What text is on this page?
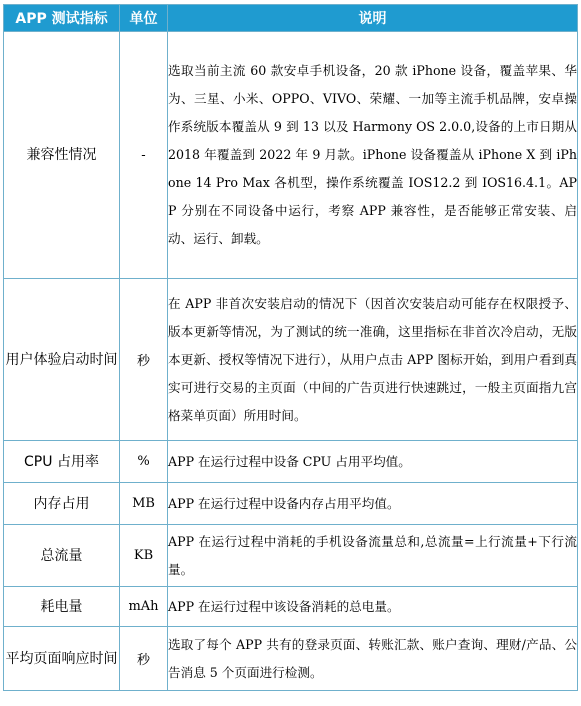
APP 测试指标	单位	说明
兼容性情况	-	选取当前主流 60 款安卓手机设备，20 款 iPhone 设备，覆盖苹果、华为、三星、小米、OPPO、VIVO、荣耀、一加等主流手机品牌，安卓操作系统版本覆盖从 9 到 13 以及 Harmony OS 2.0.0,设备的上市日期从 2018 年覆盖到 2022 年 9 月款。iPhone 设备覆盖从 iPhone X 到 iPhone 14 Pro Max 各机型，操作系统覆盖 IOS12.2 到 IOS16.4.1。APP 分别在不同设备中运行，考察 APP 兼容性，是否能够正常安装、启动、运行、卸载。
用户体验启动时间	秒	在 APP 非首次安装启动的情况下（因首次安装启动可能存在权限授予、版本更新等情况，为了测试的统一准确，这里指标在非首次冷启动，无版本更新、授权等情况下进行），从用户点击 APP 图标开始，到用户看到真实可进行交易的主页面（中间的广告页进行快速跳过，一般主页面指九宫格菜单页面）所用时间。
CPU 占用率	%	APP 在运行过程中设备 CPU 占用平均值。
内存占用	MB	APP 在运行过程中设备内存占用平均值。
总流量	KB	APP 在运行过程中消耗的手机设备流量总和,总流量=上行流量+下行流量。
耗电量	mAh	APP 在运行过程中该设备消耗的总电量。
平均页面响应时间	秒	选取了每个 APP 共有的登录页面、转账汇款、账户查询、理财/产品、公告消息 5 个页面进行检测。
